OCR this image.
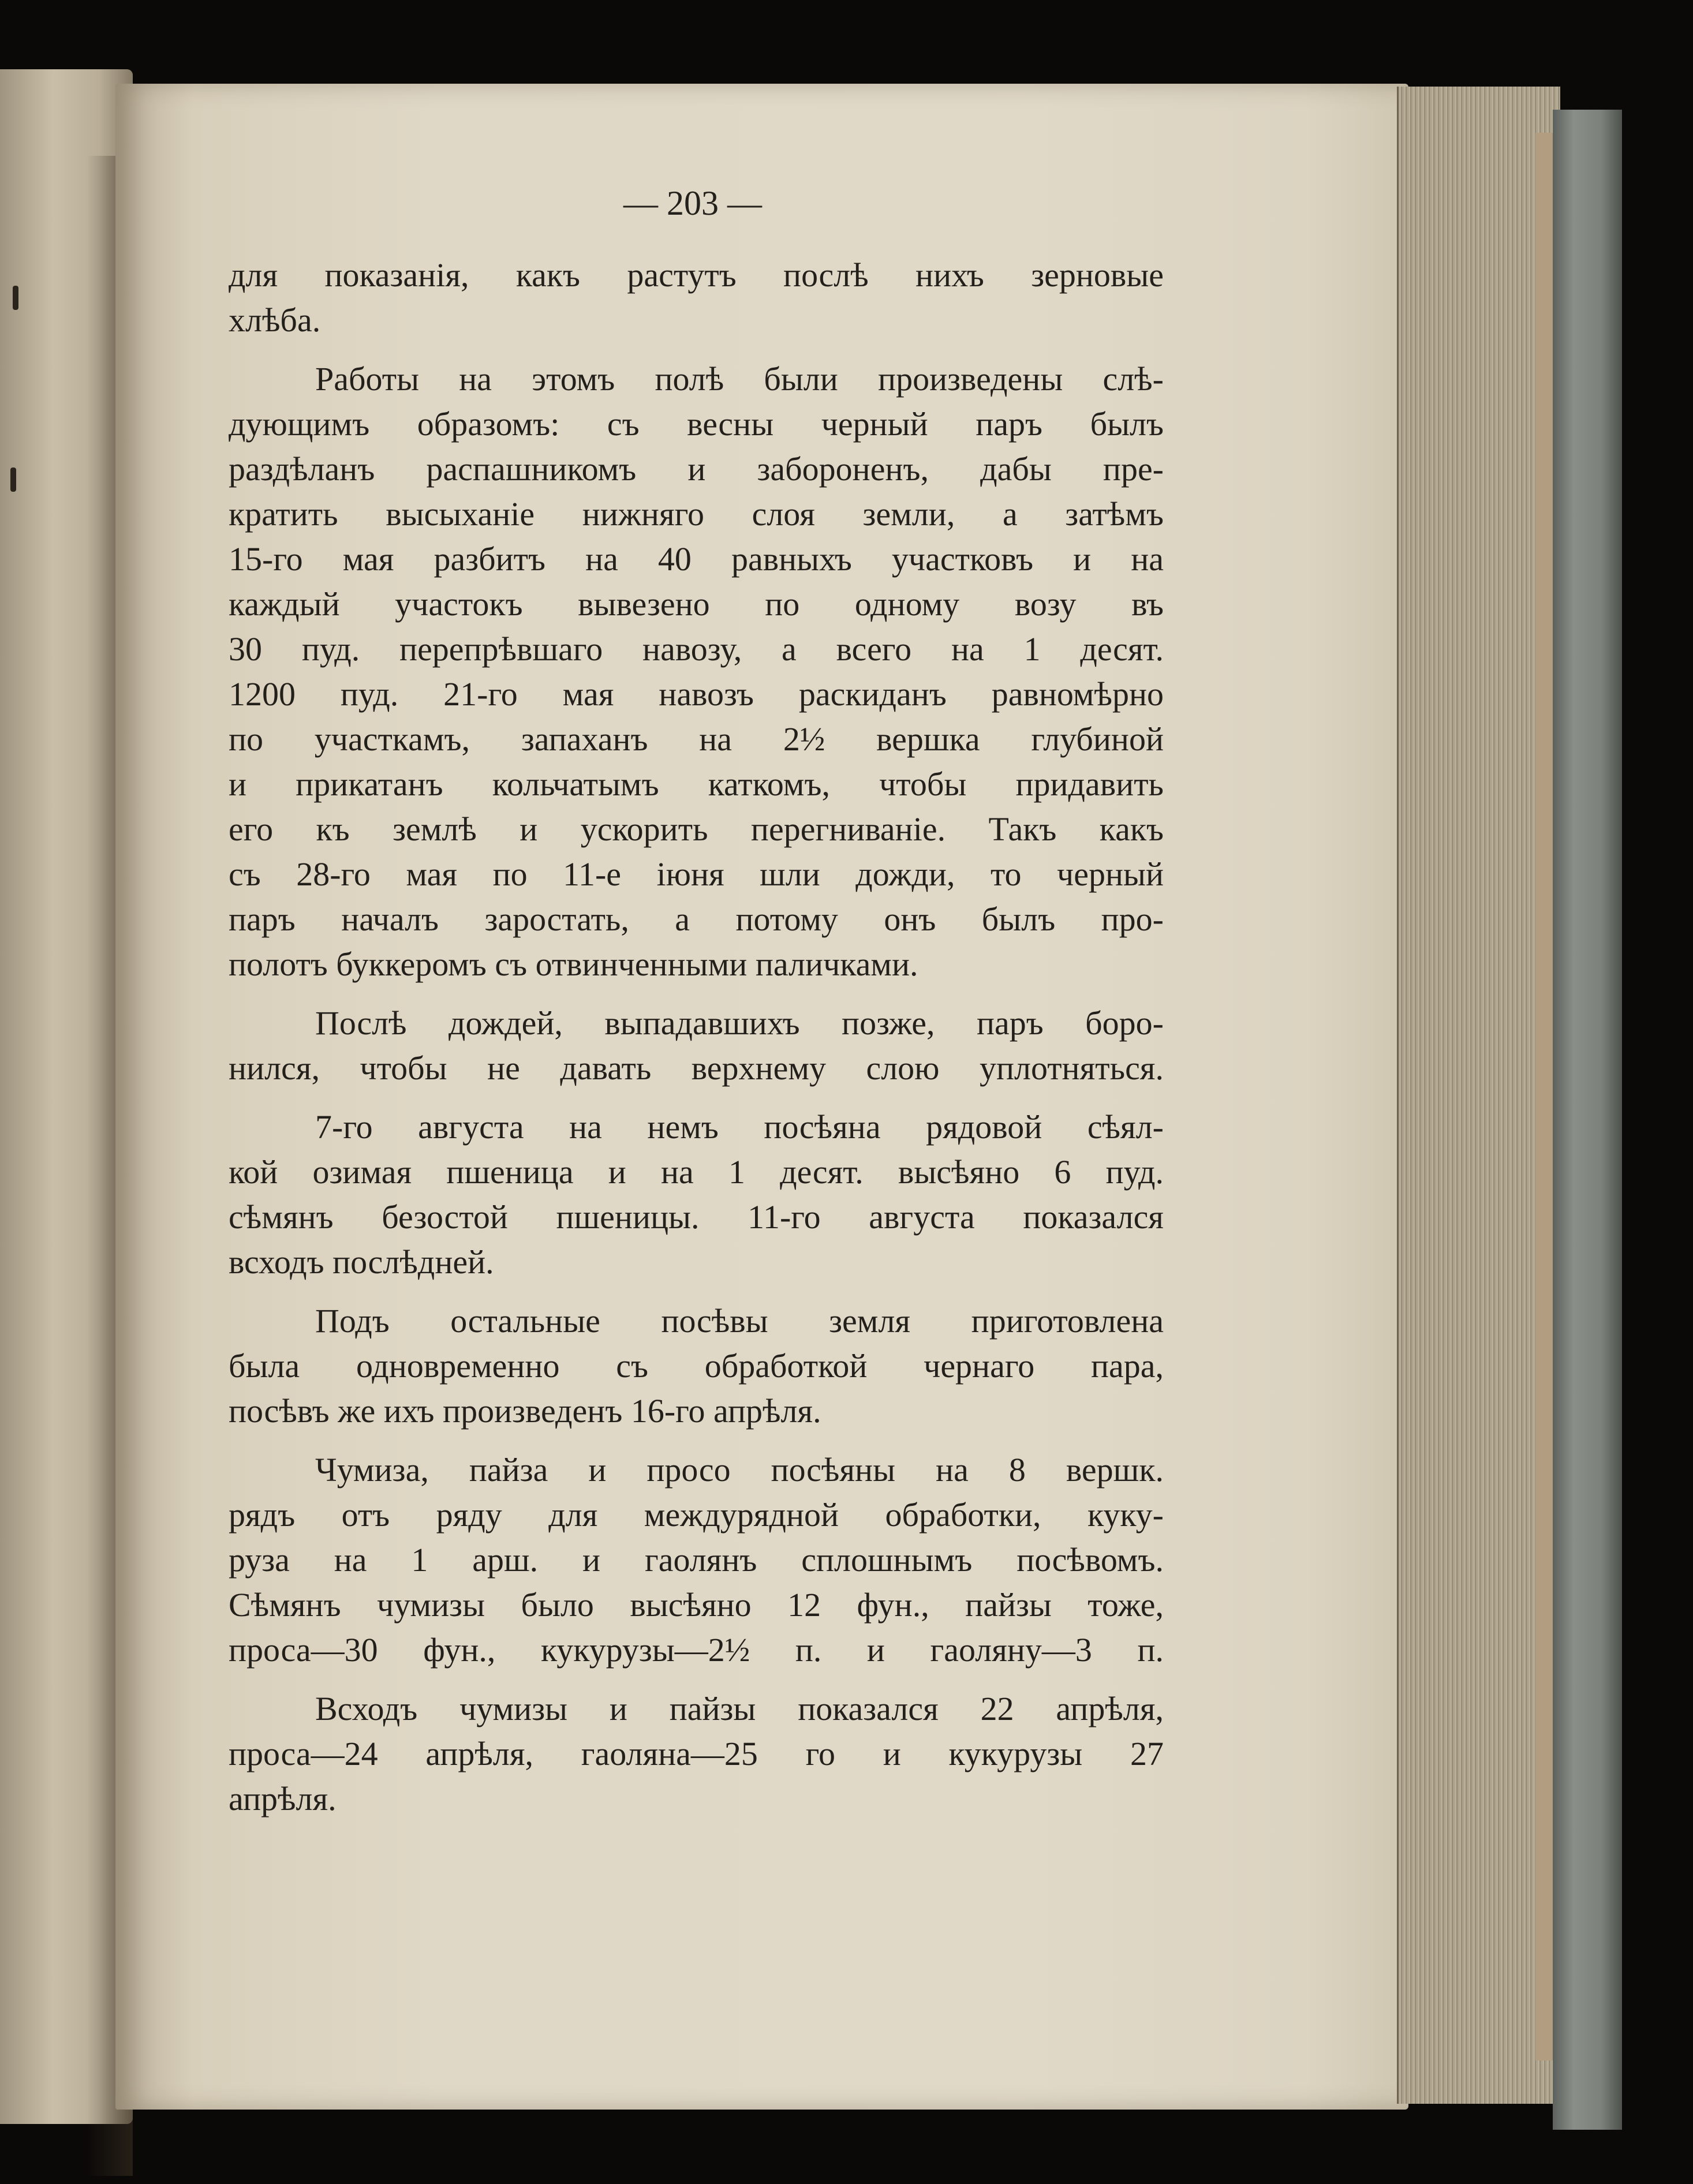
— 203 —
для показанія, какъ растутъ послѣ нихъ зерновые
хлѣба.
Работы на этомъ полѣ были произведены слѣ-
дующимъ образомъ: съ весны черный паръ былъ
раздѣланъ распашникомъ и забороненъ, дабы пре-
кратить высыханіе нижняго слоя земли, а затѣмъ
15-го мая разбитъ на 40 равныхъ участковъ и на
каждый участокъ вывезено по одному возу въ
30 пуд. перепрѣвшаго навозу, а всего на 1 десят.
1200 пуд. 21-го мая навозъ раскиданъ равномѣрно
по участкамъ, запаханъ на 2½ вершка глубиной
и прикатанъ кольчатымъ каткомъ, чтобы придавить
его къ землѣ и ускорить перегниваніе. Такъ какъ
съ 28-го мая по 11-е іюня шли дожди, то черный
паръ началъ заростать, а потому онъ былъ про-
полотъ буккеромъ съ отвинченными паличками.
Послѣ дождей, выпадавшихъ позже, паръ боро-
нился, чтобы не давать верхнему слою уплотняться.
7-го августа на немъ посѣяна рядовой сѣял-
кой озимая пшеница и на 1 десят. высѣяно 6 пуд.
сѣмянъ безостой пшеницы. 11-го августа показался
всходъ послѣдней.
Подъ остальные посѣвы земля приготовлена
была одновременно съ обработкой чернаго пара,
посѣвъ же ихъ произведенъ 16-го апрѣля.
Чумиза, пайза и просо посѣяны на 8 вершк.
рядъ отъ ряду для междурядной обработки, куку-
руза на 1 арш. и гаолянъ сплошнымъ посѣвомъ.
Сѣмянъ чумизы было высѣяно 12 фун., пайзы тоже,
проса—30 фун., кукурузы—2½ п. и гаоляну—3 п.
Всходъ чумизы и пайзы показался 22 апрѣля,
проса—24 апрѣля, гаоляна—25 го и кукурузы 27
апрѣля.
